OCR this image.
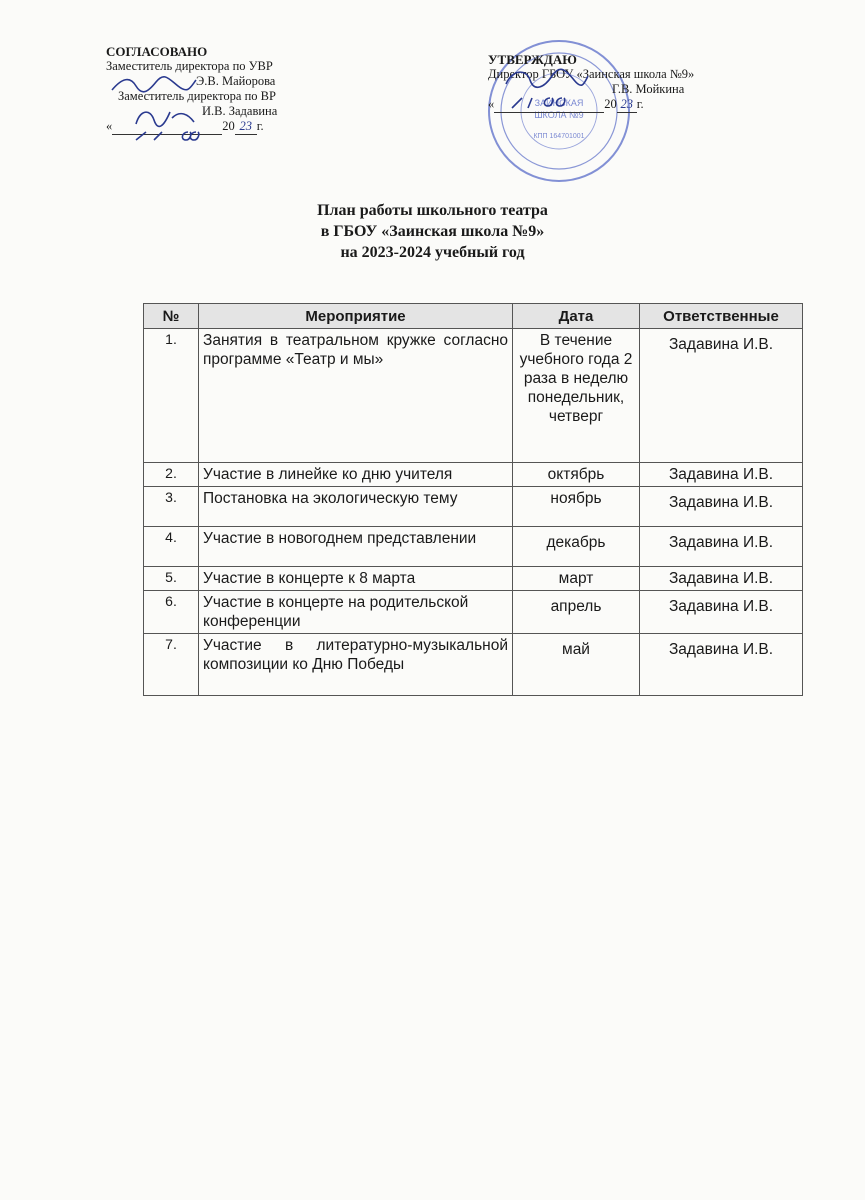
СОГЛАСОВАНО
Заместитель директора по УВР
Э.В. Майорова
Заместитель директора по ВР
И.В. Задавина
«	20 23 г.
ЗАИНСКАЯ
ШКОЛА №9
КПП 164701001
УТВЕРЖДАЮ
Директор ГБОУ «Заинская школа №9»
Г.В. Мойкина
«	20 23 г.
План работы школьного театра
в ГБОУ «Заинская школа №9»
на 2023-2024 учебный год
№	Мероприятие	Дата	Ответственные
1.	Занятия в театральном кружке согласно программе «Театр и мы»	В течение учебного года 2 раза в неделю понедельник, четверг	Задавина И.В.
2.	Участие в линейке ко дню учителя	октябрь	Задавина И.В.
3.	Постановка на экологическую тему	ноябрь	Задавина И.В.
4.	Участие в новогоднем представлении	декабрь	Задавина И.В.
5.	Участие в концерте к 8 марта	март	Задавина И.В.
6.	Участие в концерте на родительской конференции	апрель	Задавина И.В.
7.	Участие в литературно-музыкальной композиции ко Дню Победы	май	Задавина И.В.
